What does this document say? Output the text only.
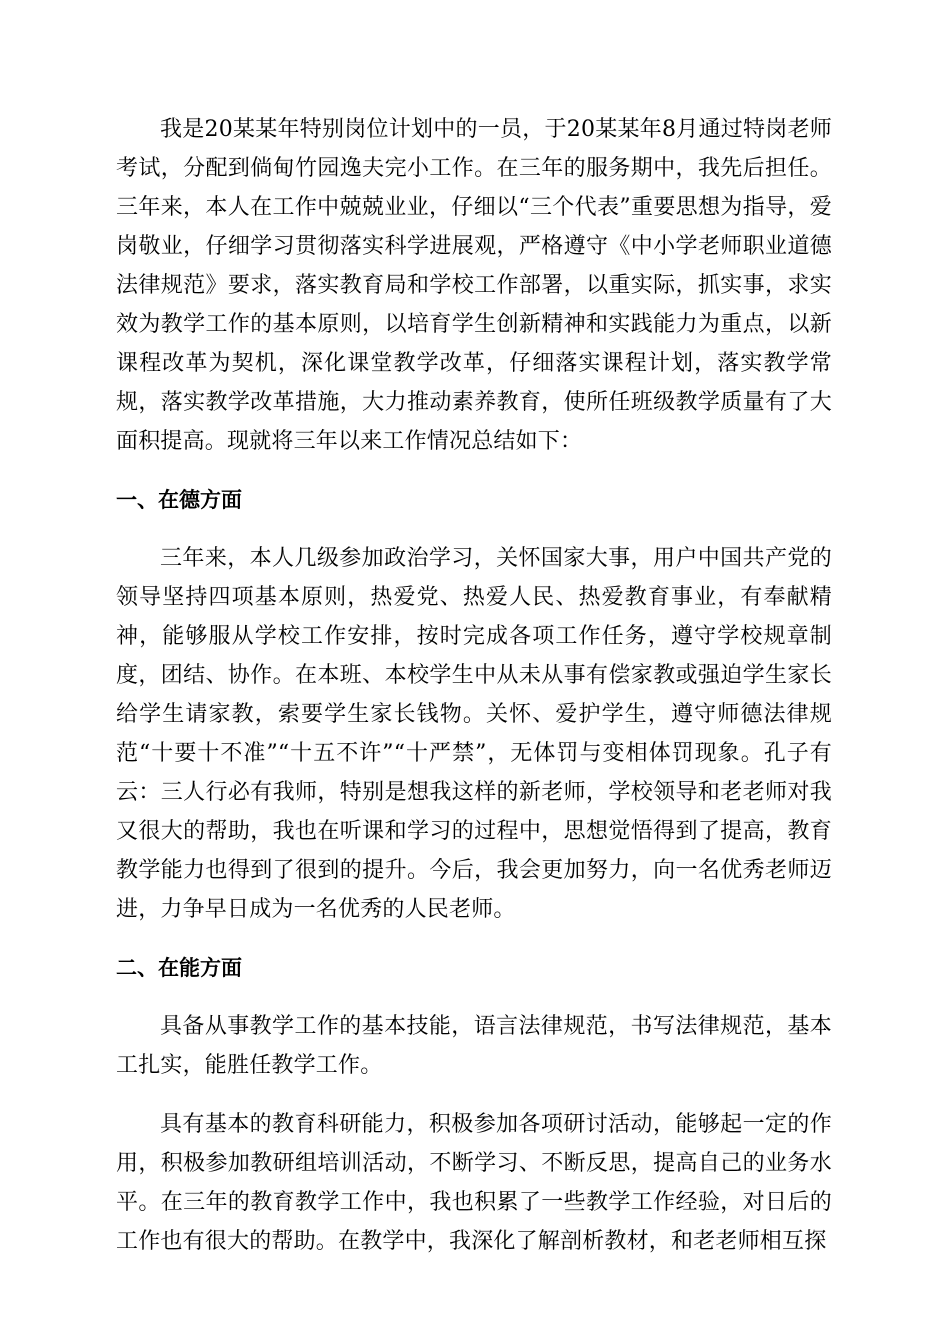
我是20某某年特别岗位计划中的一员，于20某某年8月通过特岗老师考试，分配到倘甸竹园逸夫完小工作。在三年的服务期中，我先后担任。三年来，本人在工作中兢兢业业，仔细以“三个代表”重要思想为指导，爱岗敬业，仔细学习贯彻落实科学进展观，严格遵守《中小学老师职业道德法律规范》要求，落实教育局和学校工作部署，以重实际，抓实事，求实效为教学工作的基本原则，以培育学生创新精神和实践能力为重点，以新课程改革为契机，深化课堂教学改革，仔细落实课程计划，落实教学常规，落实教学改革措施，大力推动素养教育，使所任班级教学质量有了大面积提高。现就将三年以来工作情况总结如下：

一、在德方面

三年来，本人几级参加政治学习，关怀国家大事，用户中国共产党的领导坚持四项基本原则，热爱党、热爱人民、热爱教育事业，有奉献精神，能够服从学校工作安排，按时完成各项工作任务，遵守学校规章制度，团结、协作。在本班、本校学生中从未从事有偿家教或强迫学生家长给学生请家教，索要学生家长钱物。关怀、爱护学生，遵守师德法律规范“十要十不准”“十五不许”“十严禁”，无体罚与变相体罚现象。孔子有云：三人行必有我师，特别是想我这样的新老师，学校领导和老老师对我又很大的帮助，我也在听课和学习的过程中，思想觉悟得到了提高，教育教学能力也得到了很到的提升。今后，我会更加努力，向一名优秀老师迈进，力争早日成为一名优秀的人民老师。

二、在能方面

具备从事教学工作的基本技能，语言法律规范，书写法律规范，基本工扎实，能胜任教学工作。

具有基本的教育科研能力，积极参加各项研讨活动，能够起一定的作用，积极参加教研组培训活动，不断学习、不断反思，提高自己的业务水平。在三年的教育教学工作中，我也积累了一些教学工作经验，对日后的工作也有很大的帮助。在教学中，我深化了解剖析教材，和老老师相互探
